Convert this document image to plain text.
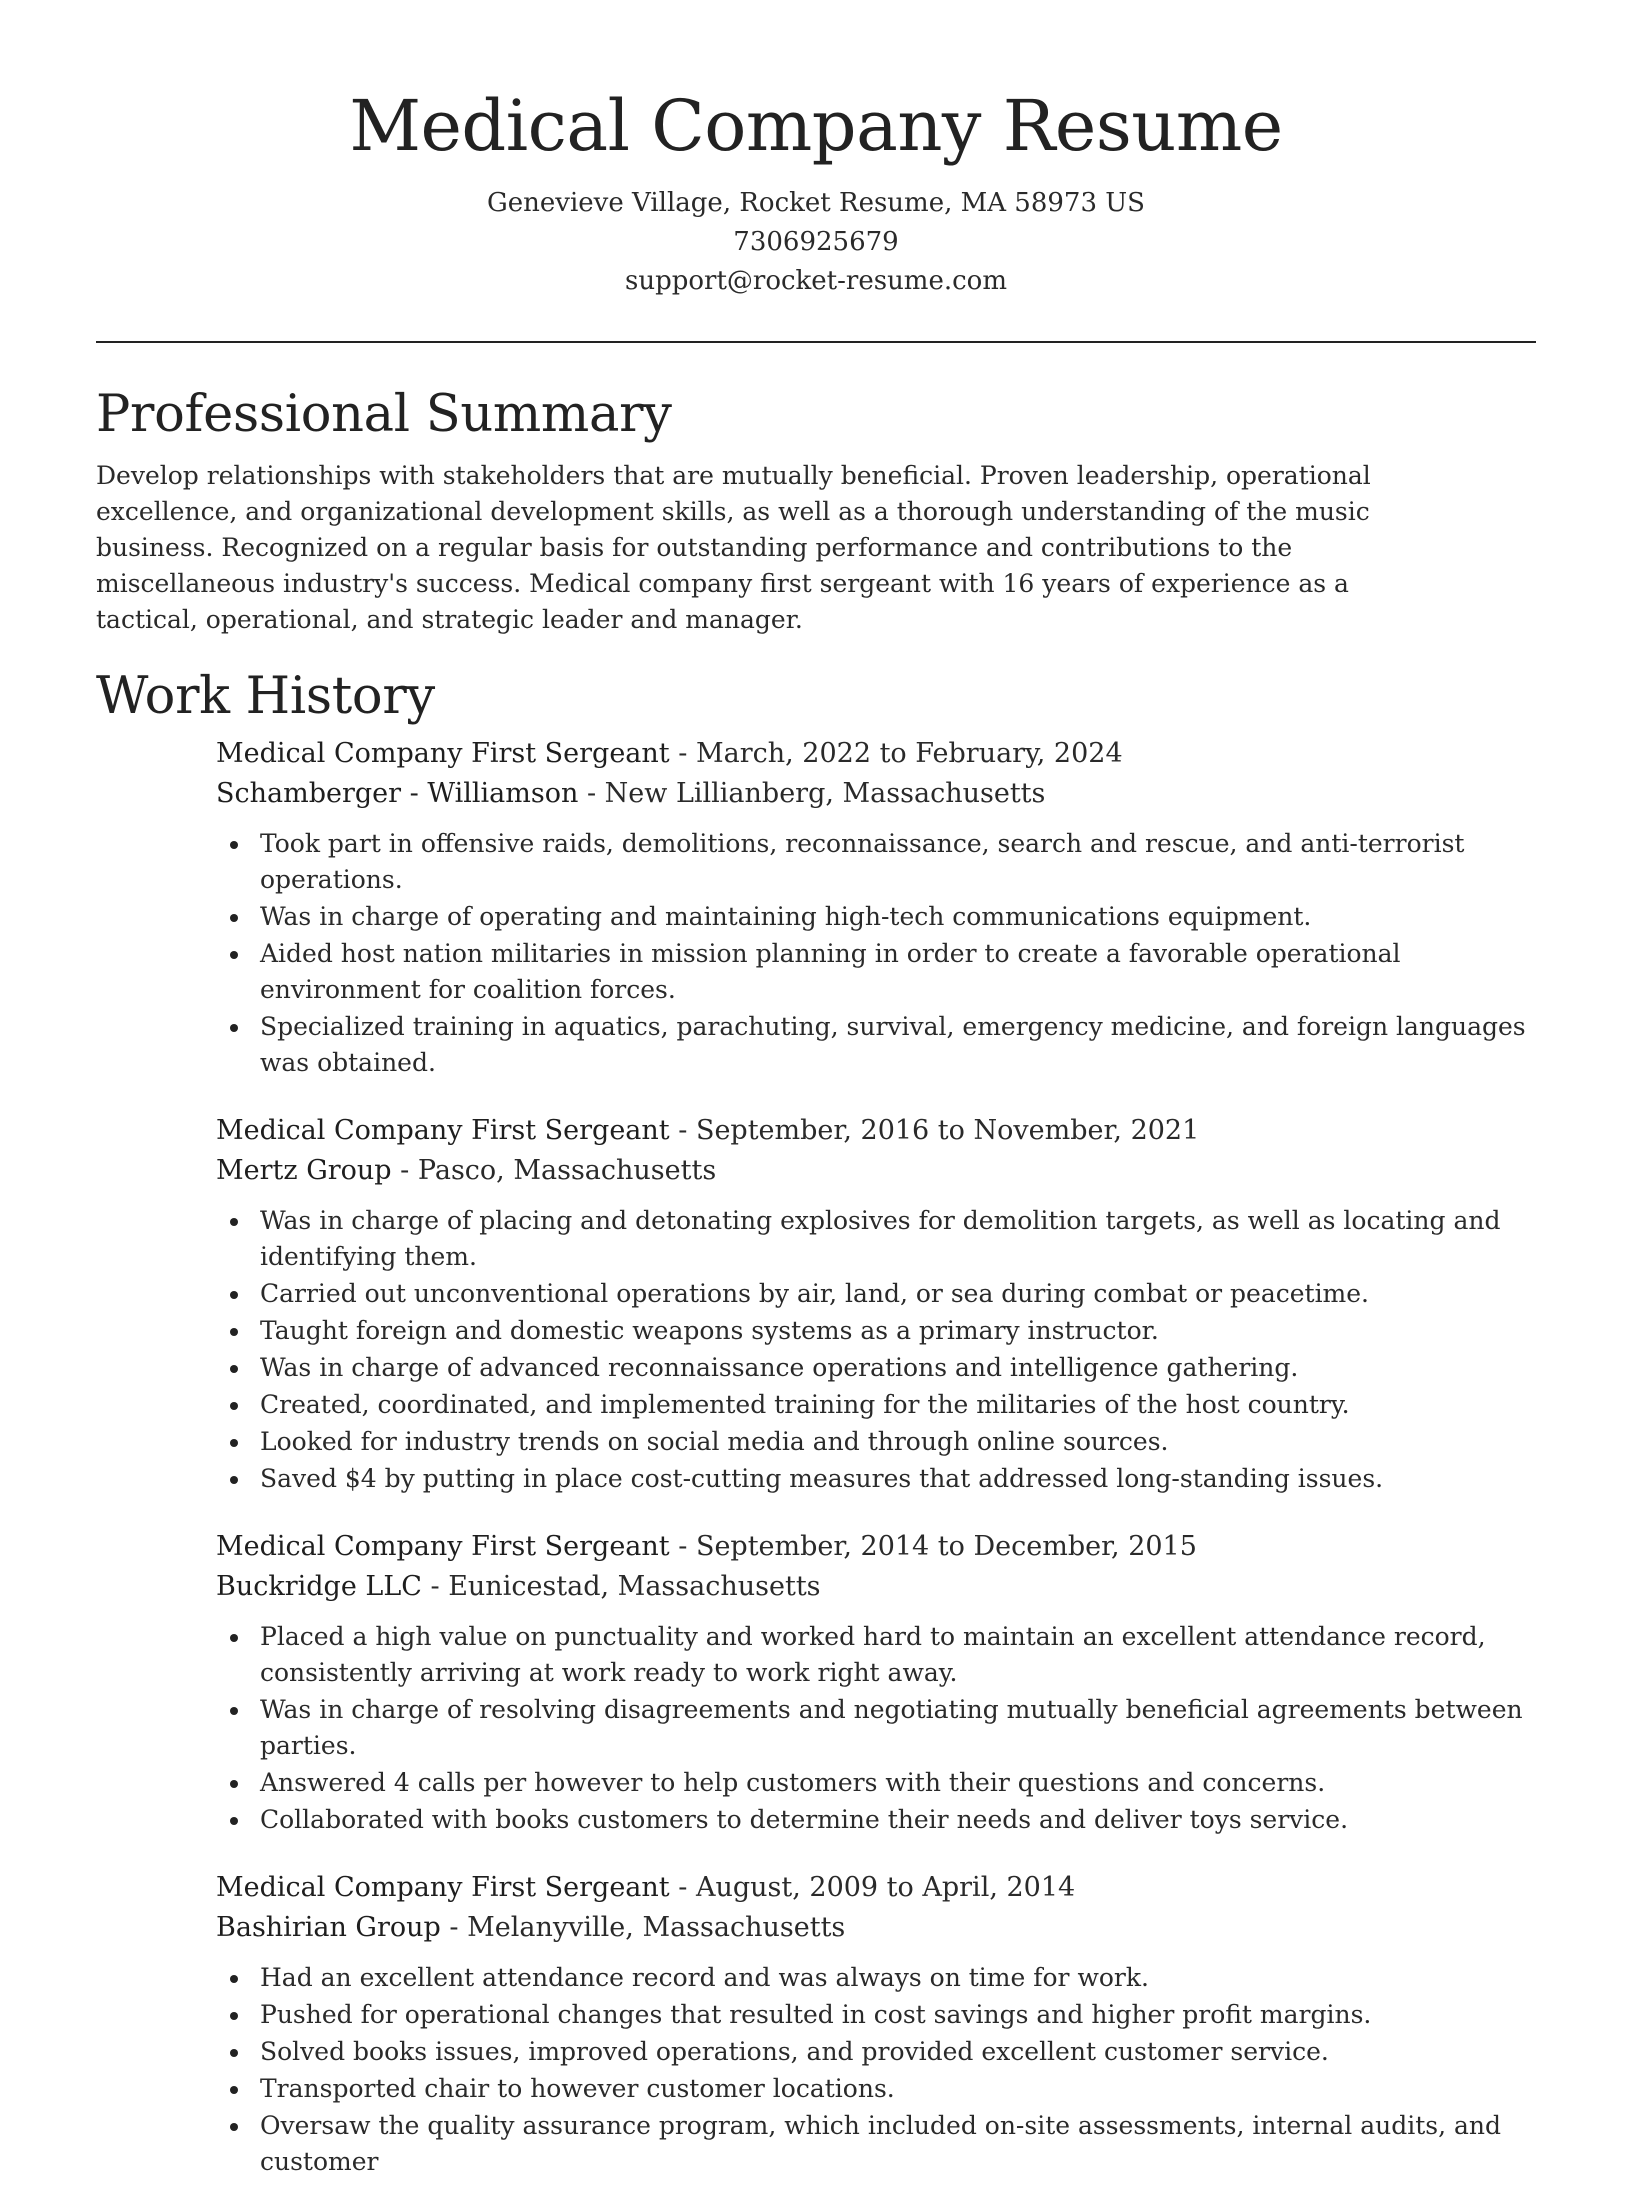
Medical Company Resume
Genevieve Village, Rocket Resume, MA 58973 US
7306925679
support@rocket-resume.com
Professional Summary

Develop relationships with stakeholders that are mutually beneficial. Proven leadership, operational excellence, and organizational development skills, as well as a thorough understanding of the music business. Recognized on a regular basis for outstanding performance and contributions to the miscellaneous industry's success. Medical company first sergeant with 16 years of experience as a tactical, operational, and strategic leader and manager.

Work History
Medical Company First Sergeant - March, 2022 to February, 2024
Schamberger - Williamson - New Lillianberg, Massachusetts
Took part in offensive raids, demolitions, reconnaissance, search and rescue, and anti-terrorist operations.
Was in charge of operating and maintaining high-tech communications equipment.
Aided host nation militaries in mission planning in order to create a favorable operational environment for coalition forces.
Specialized training in aquatics, parachuting, survival, emergency medicine, and foreign languages was obtained.
Medical Company First Sergeant - September, 2016 to November, 2021
Mertz Group - Pasco, Massachusetts
Was in charge of placing and detonating explosives for demolition targets, as well as locating and identifying them.
Carried out unconventional operations by air, land, or sea during combat or peacetime.
Taught foreign and domestic weapons systems as a primary instructor.
Was in charge of advanced reconnaissance operations and intelligence gathering.
Created, coordinated, and implemented training for the militaries of the host country.
Looked for industry trends on social media and through online sources.
Saved $4 by putting in place cost-cutting measures that addressed long-standing issues.
Medical Company First Sergeant - September, 2014 to December, 2015
Buckridge LLC - Eunicestad, Massachusetts
Placed a high value on punctuality and worked hard to maintain an excellent attendance record, consistently arriving at work ready to work right away.
Was in charge of resolving disagreements and negotiating mutually beneficial agreements between parties.
Answered 4 calls per however to help customers with their questions and concerns.
Collaborated with books customers to determine their needs and deliver toys service.
Medical Company First Sergeant - August, 2009 to April, 2014
Bashirian Group - Melanyville, Massachusetts
Had an excellent attendance record and was always on time for work.
Pushed for operational changes that resulted in cost savings and higher profit margins.
Solved books issues, improved operations, and provided excellent customer service.
Transported chair to however customer locations.
Oversaw the quality assurance program, which included on-site assessments, internal audits, and customer
